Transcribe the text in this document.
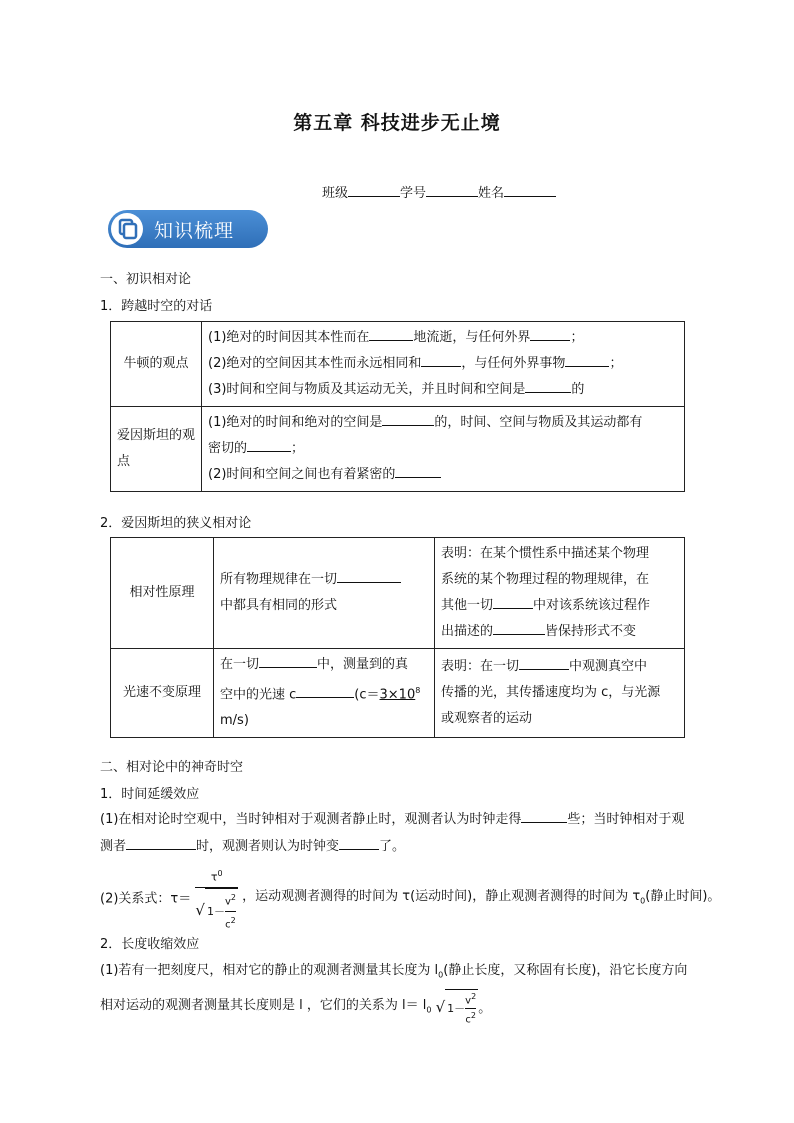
第五章 科技进步无止境
班级	学号	姓名
知识梳理
一、初识相对论
1．跨越时空的对话
牛顿的观点	(1)绝对的时间因其本性而在 地流逝，与任何外界 ；
(2)绝对的空间因其本性而永远相同和 ，与任何外界事物 ；
(3)时间和空间与物质及其运动无关，并且时间和空间是 的

爱因斯坦的观点	(1)绝对的时间和绝对的空间是 的，时间、空间与物质及其运动都有
密切的 ；
(2)时间和空间之间也有着紧密的
2．爱因斯坦的狭义相对论
相对性原理	所有物理规律在一切
中都具有相同的形式	表明：在某个惯性系中描述某个物理
系统的某个物理过程的物理规律，在
其他一切 中对该系统该过程作
出描述的 皆保持形式不变
光速不变原理	在一切 中，测量到的真
空中的光速 c ($c=3\times 10^8$
m/s)	表明：在一切 中观测真空中
传播的光，其传播速度均为 c，与光源
或观察者的运动
二、相对论中的神奇时空
1．时间延缓效应
(1)在相对论时空观中，当时钟相对于观测者静止时，观测者认为时钟走得	些；当时钟相对于观
测者	时，观测者则认为时钟变	了。
(2)关系式：$\tau= \frac{\tau^0}{√ 1- \frac{v^2}{c^2}}$ ，运动观测者测得的时间为 τ(运动时间)，静止观测者测得的时间为 $\tau_0$(静止时间)。
2．长度收缩效应
(1)若有一把刻度尺，相对它的静止的观测者测量其长度为 $l_0$(静止长度，又称固有长度)，沿它长度方向
相对运动的观测者测量其长度则是 l ，它们的关系为 $l= l_0$ √ $1- \frac{v^2}{c^2}$ 。
